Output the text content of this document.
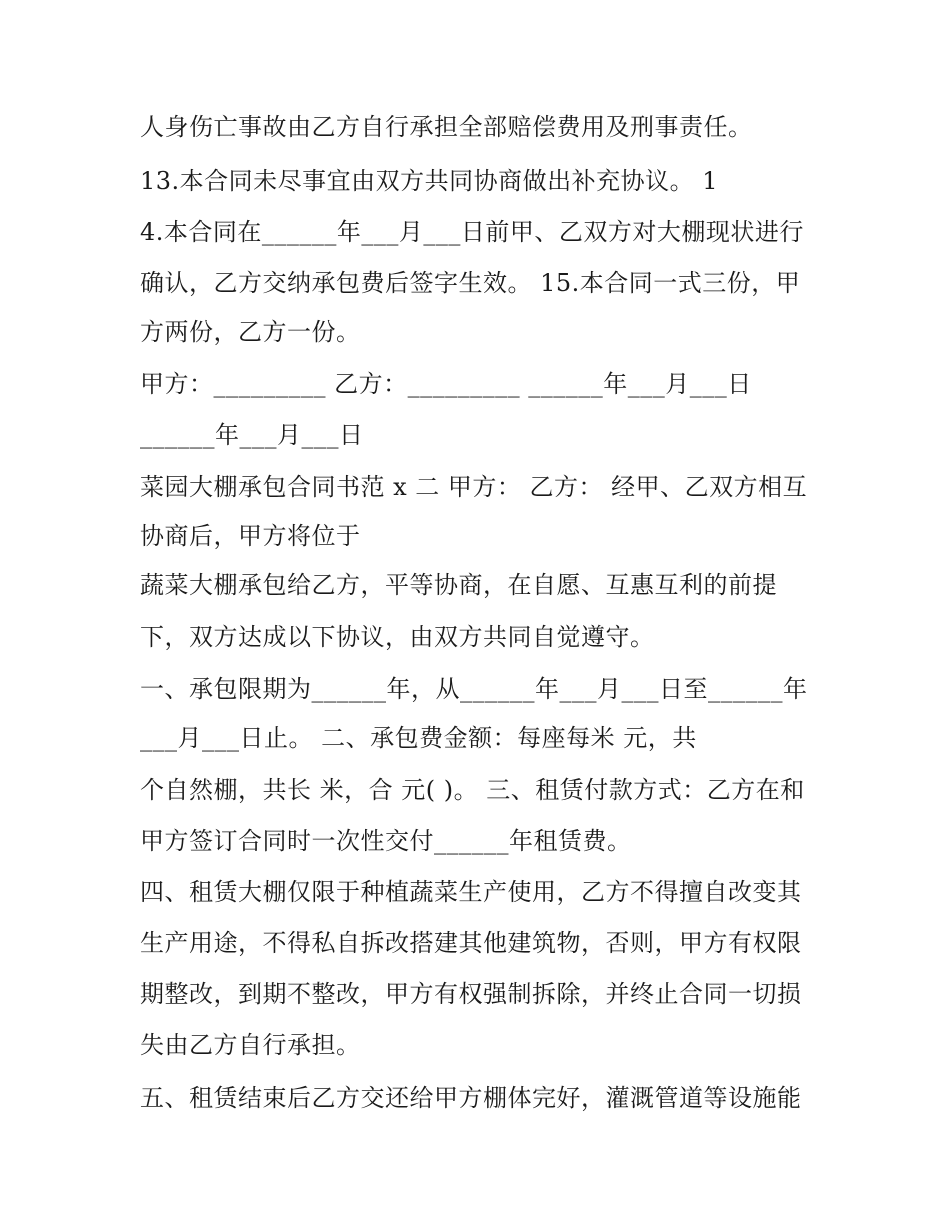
人身伤亡事故由乙方自行承担全部赔偿费用及刑事责任。
13.本合同未尽事宜由双方共同协商做出补充协议。 1
4.本合同在______年___月___日前甲、乙双方对大棚现状进行
确认，乙方交纳承包费后签字生效。 15.本合同一式三份，甲
方两份，乙方一份。
甲方：_________ 乙方：_________ ______年___月___日
______年___月___日
菜园大棚承包合同书范 x 二 甲方： 乙方： 经甲、乙双方相互
协商后，甲方将位于
蔬菜大棚承包给乙方，平等协商，在自愿、互惠互利的前提
下，双方达成以下协议，由双方共同自觉遵守。
一、承包限期为______年，从______年___月___日至______年
___月___日止。 二、承包费金额：每座每米 元，共
个自然棚，共长 米，合 元( )。 三、租赁付款方式：乙方在和
甲方签订合同时一次性交付______年租赁费。
四、租赁大棚仅限于种植蔬菜生产使用，乙方不得擅自改变其
生产用途，不得私自拆改搭建其他建筑物，否则，甲方有权限
期整改，到期不整改，甲方有权强制拆除，并终止合同一切损
失由乙方自行承担。
五、租赁结束后乙方交还给甲方棚体完好，灌溉管道等设施能
